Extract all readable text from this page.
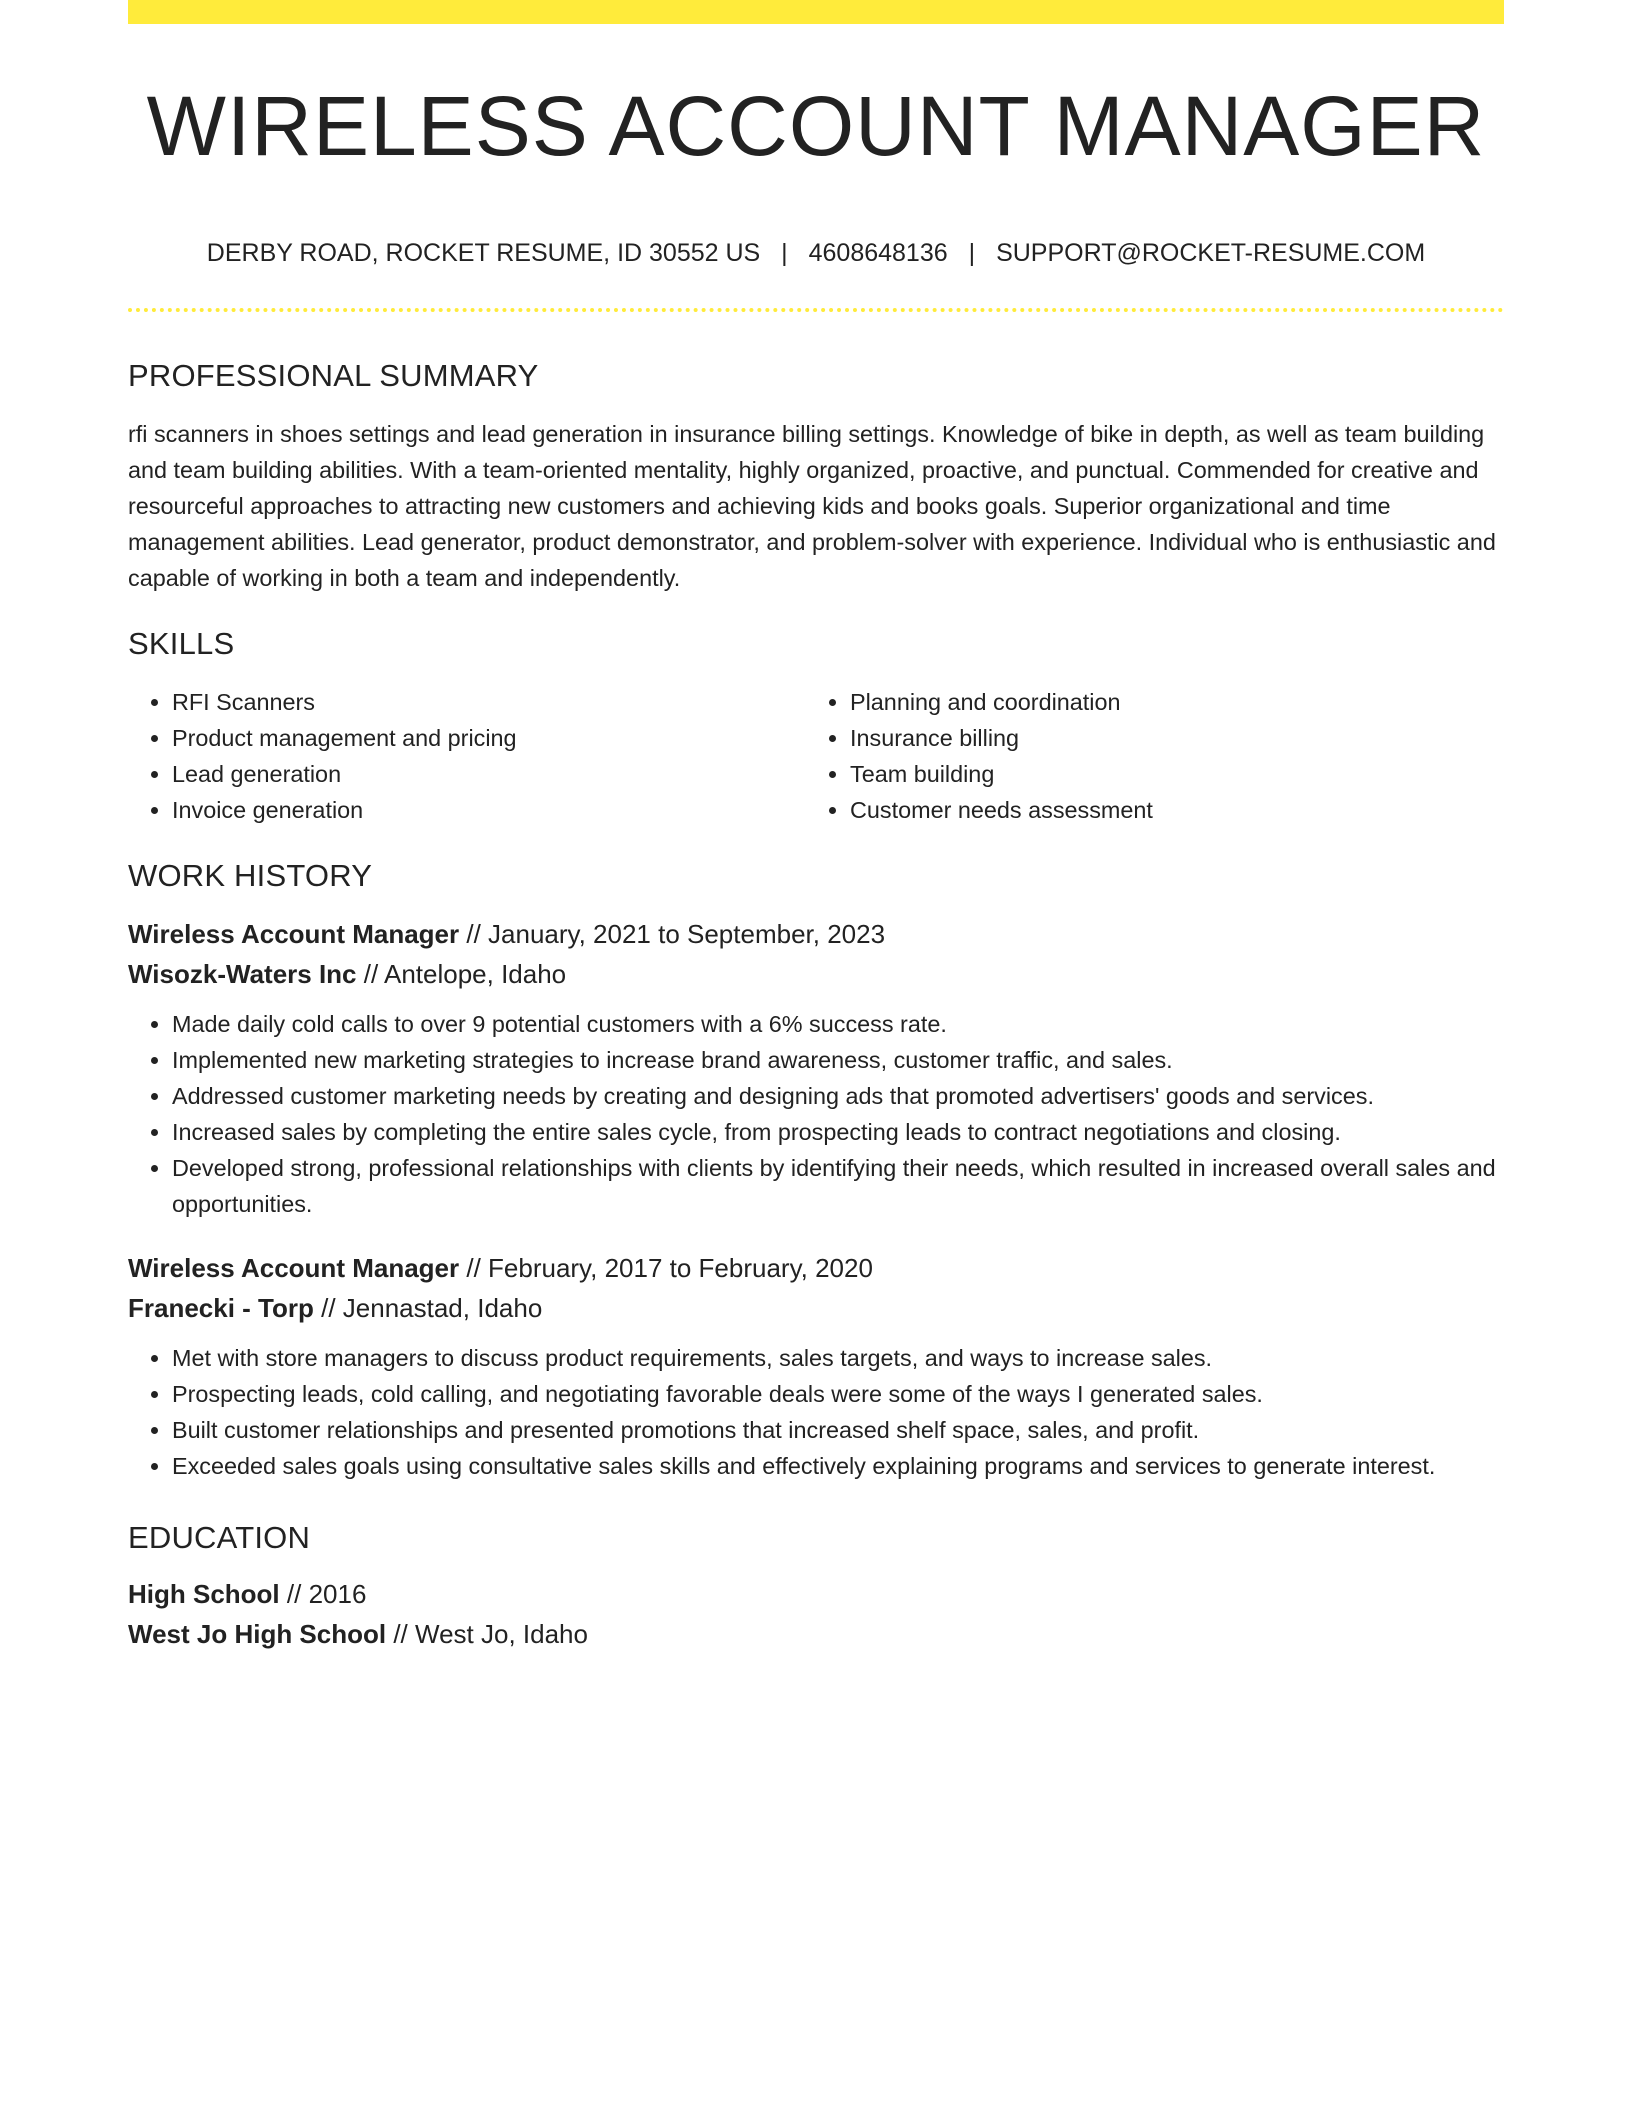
WIRELESS ACCOUNT MANAGER
DERBY ROAD, ROCKET RESUME, ID 30552 US | 4608648136 | SUPPORT@ROCKET-RESUME.COM
PROFESSIONAL SUMMARY
rfi scanners in shoes settings and lead generation in insurance billing settings. Knowledge of bike in depth, as well as team building and team building abilities. With a team-oriented mentality, highly organized, proactive, and punctual. Commended for creative and resourceful approaches to attracting new customers and achieving kids and books goals. Superior organizational and time management abilities. Lead generator, product demonstrator, and problem-solver with experience. Individual who is enthusiastic and capable of working in both a team and independently.
SKILLS
• RFI Scanners
• Product management and pricing
• Lead generation
• Invoice generation
• Planning and coordination
• Insurance billing
• Team building
• Customer needs assessment
WORK HISTORY
Wireless Account Manager // January, 2021 to September, 2023
Wisozk-Waters Inc // Antelope, Idaho
• Made daily cold calls to over 9 potential customers with a 6% success rate.
• Implemented new marketing strategies to increase brand awareness, customer traffic, and sales.
• Addressed customer marketing needs by creating and designing ads that promoted advertisers' goods and services.
• Increased sales by completing the entire sales cycle, from prospecting leads to contract negotiations and closing.
• Developed strong, professional relationships with clients by identifying their needs, which resulted in increased overall sales and opportunities.
Wireless Account Manager // February, 2017 to February, 2020
Franecki - Torp // Jennastad, Idaho
• Met with store managers to discuss product requirements, sales targets, and ways to increase sales.
• Prospecting leads, cold calling, and negotiating favorable deals were some of the ways I generated sales.
• Built customer relationships and presented promotions that increased shelf space, sales, and profit.
• Exceeded sales goals using consultative sales skills and effectively explaining programs and services to generate interest.
EDUCATION
High School // 2016
West Jo High School // West Jo, Idaho
